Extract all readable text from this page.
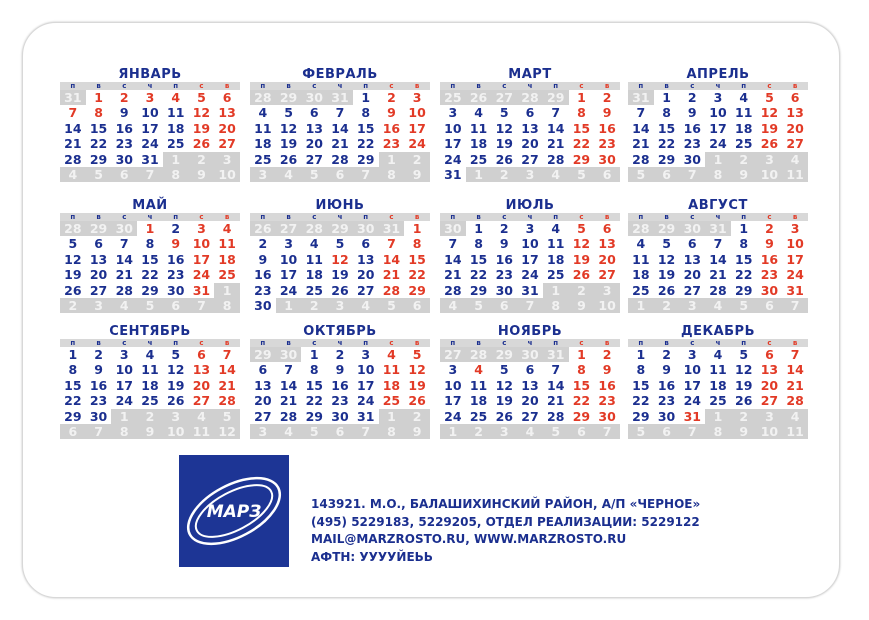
ЯНВАРЬ
п	в	с	ч	п	с	в
31	1	2	3	4	5	6
7	8	9	10 11 12 13
14 15 16 17 18 19 20
21 22 23 24 25 26 27
28 29 30 31	1	2	3
4	5	6	7	8	9	10
ФЕВРАЛЬ
п	в	с	ч	п	с	в
28 29 30 31	1	2	3
4	5	6	7	8	9	10
11 12 13 14 15 16 17
18 19 20 21 22 23 24
25 26 27 28 29	1	2
3	4	5	6	7	8	9
МАРТ
п	в	с	ч	п	с	в
25 26 27 28 29	1	2
3	4	5	6	7	8	9
10 11 12 13 14 15 16
17 18 19 20 21 22 23
24 25 26 27 28 29 30
31	1	2	3	4	5	6
АПРЕЛЬ
п	в	с	ч	п	с	в
31	1	2	3	4	5	6
7	8	9	10 11 12 13
14 15 16 17 18 19 20
21 22 23 24 25 26 27
28 29 30	1	2	3	4
5	6	7	8	9	10 11
МАЙ
п	в	с	ч	п	с	в
28 29 30	1	2	3	4
5	6	7	8	9	10 11
12 13 14 15 16 17 18
19 20 21 22 23 24 25
26 27 28 29 30 31	1
2	3	4	5	6	7	8
ИЮНЬ
п	в	с	ч	п	с	в
26 27 28 29 30 31	1
2	3	4	5	6	7	8
9	10 11 12 13 14 15
16 17 18 19 20 21 22
23 24 25 26 27 28 29
30	1	2	3	4	5	6
ИЮЛЬ
п	в	с	ч	п	с	в
30	1	2	3	4	5	6
7	8	9	10 11 12 13
14 15 16 17 18 19 20
21 22 23 24 25 26 27
28 29 30 31	1	2	3
4	5	6	7	8	9	10
АВГУСТ
п	в	с	ч	п	с	в
28 29 30 31	1	2	3
4	5	6	7	8	9	10
11 12 13 14 15 16 17
18 19 20 21 22 23 24
25 26 27 28 29 30 31
1	2	3	4	5	6	7
СЕНТЯБРЬ
п	в	с	ч	п	с	в
1	2	3	4	5	6	7
8	9	10 11 12 13 14
15 16 17 18 19 20 21
22 23 24 25 26 27 28
29 30	1	2	3	4	5
6	7	8	9	10 11 12
ОКТЯБРЬ
п	в	с	ч	п	с	в
29 30	1	2	3	4	5
6	7	8	9	10 11 12
13 14 15 16 17 18 19
20 21 22 23 24 25 26
27 28 29 30 31	1	2
3	4	5	6	7	8	9
НОЯБРЬ
п	в	с	ч	п	с	в
27 28 29 30 31	1	2
3	4	5	6	7	8	9
10 11 12 13 14 15 16
17 18 19 20 21 22 23
24 25 26 27 28 29 30
1	2	3	4	5	6	7
ДЕКАБРЬ
п	в	с	ч	п	с	в
1	2	3	4	5	6	7
8	9	10 11 12 13 14
15 16 17 18 19 20 21
22 23 24 25 26 27 28
29 30 31	1	2	3	4
5	6	7	8	9	10 11
МАРЗ	143921. М.О., БАЛАШИХИНСКИЙ РАЙОН, А/П «ЧЕРНОЕ»
(495) 5229183, 5229205, ОТДЕЛ РЕАЛИЗАЦИИ: 5229122
MAIL@MARZROSTO.RU, WWW.MARZROSTO.RU
АФТН: УУУУЙЕЬЬ
